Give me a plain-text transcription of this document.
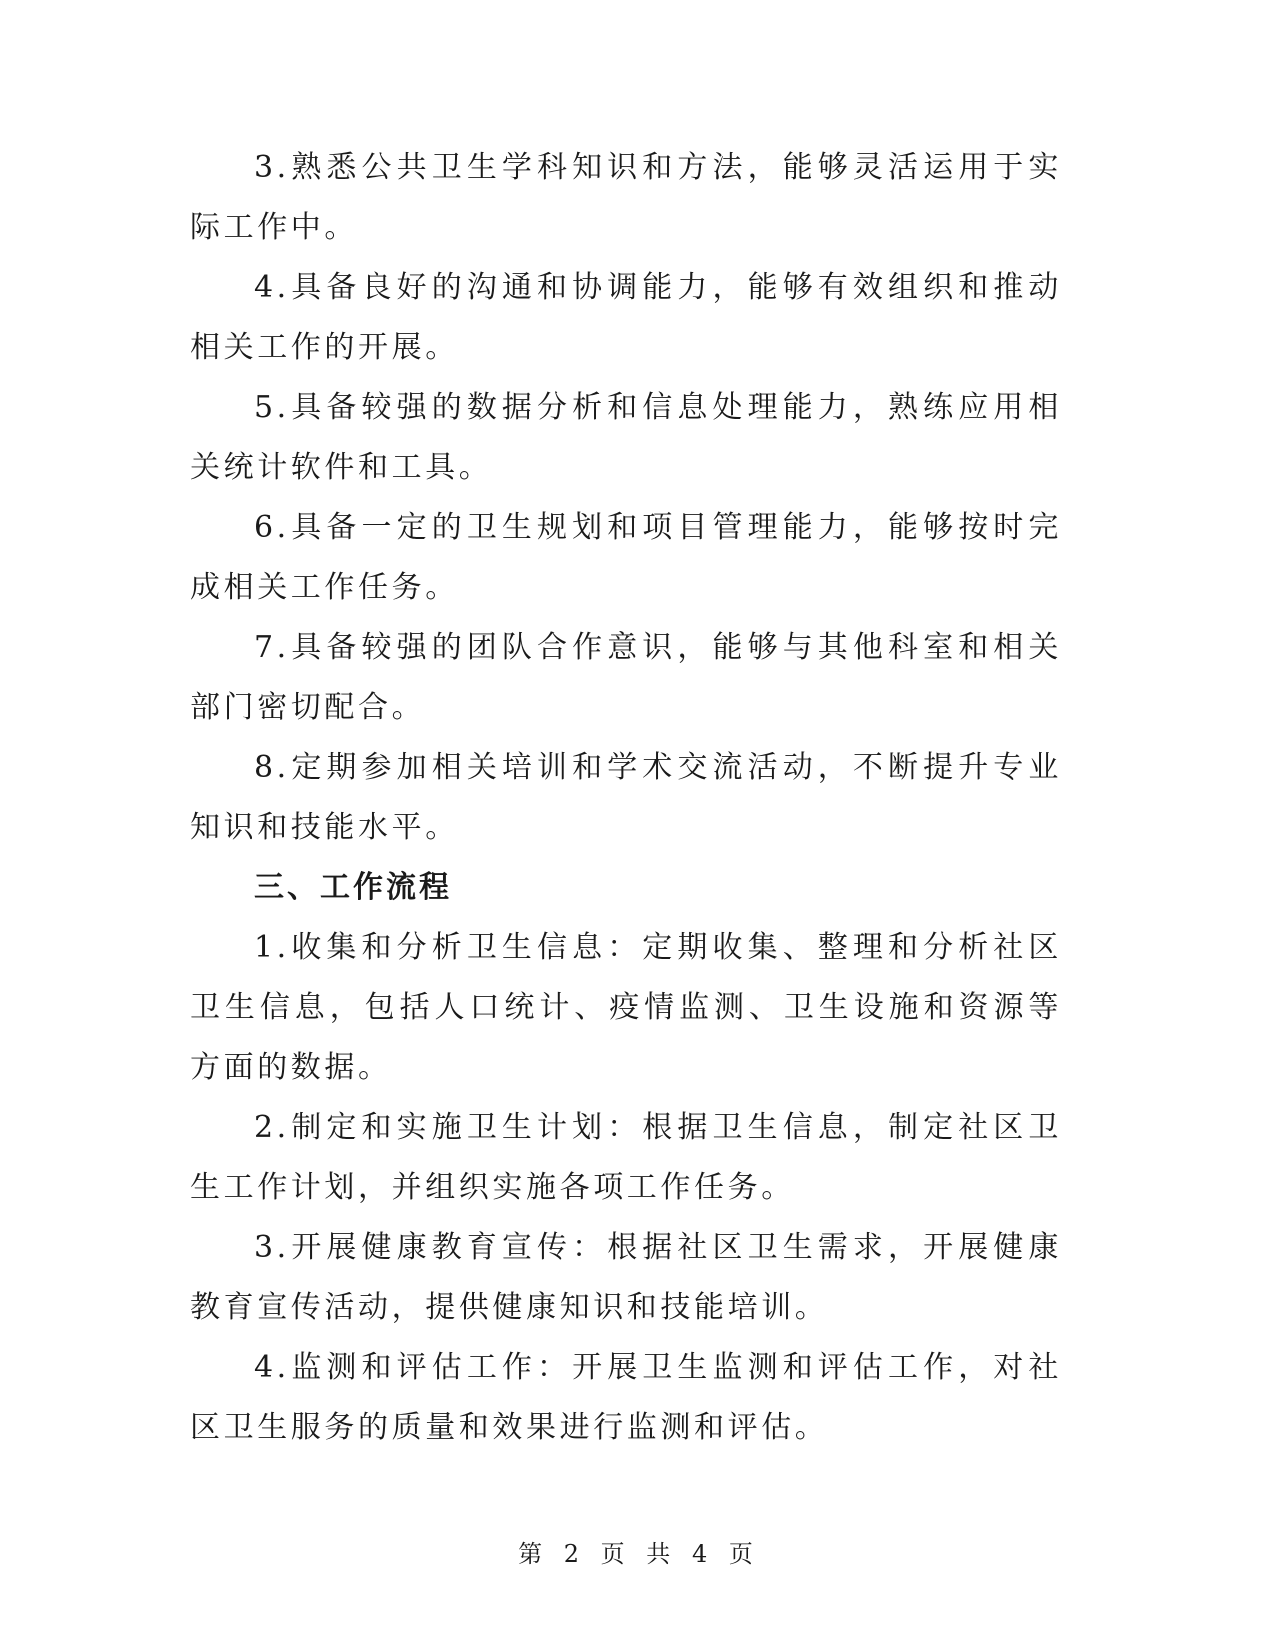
3.熟悉公共卫生学科知识和方法，能够灵活运用于实际工作中。

4.具备良好的沟通和协调能力，能够有效组织和推动相关工作的开展。

5.具备较强的数据分析和信息处理能力，熟练应用相关统计软件和工具。

6.具备一定的卫生规划和项目管理能力，能够按时完成相关工作任务。

7.具备较强的团队合作意识，能够与其他科室和相关部门密切配合。

8.定期参加相关培训和学术交流活动，不断提升专业知识和技能水平。

三、工作流程

1.收集和分析卫生信息：定期收集、整理和分析社区卫生信息，包括人口统计、疫情监测、卫生设施和资源等方面的数据。

2.制定和实施卫生计划：根据卫生信息，制定社区卫生工作计划，并组织实施各项工作任务。

3.开展健康教育宣传：根据社区卫生需求，开展健康教育宣传活动，提供健康知识和技能培训。

4.监测和评估工作：开展卫生监测和评估工作，对社区卫生服务的质量和效果进行监测和评估。

第 2 页 共 4 页
